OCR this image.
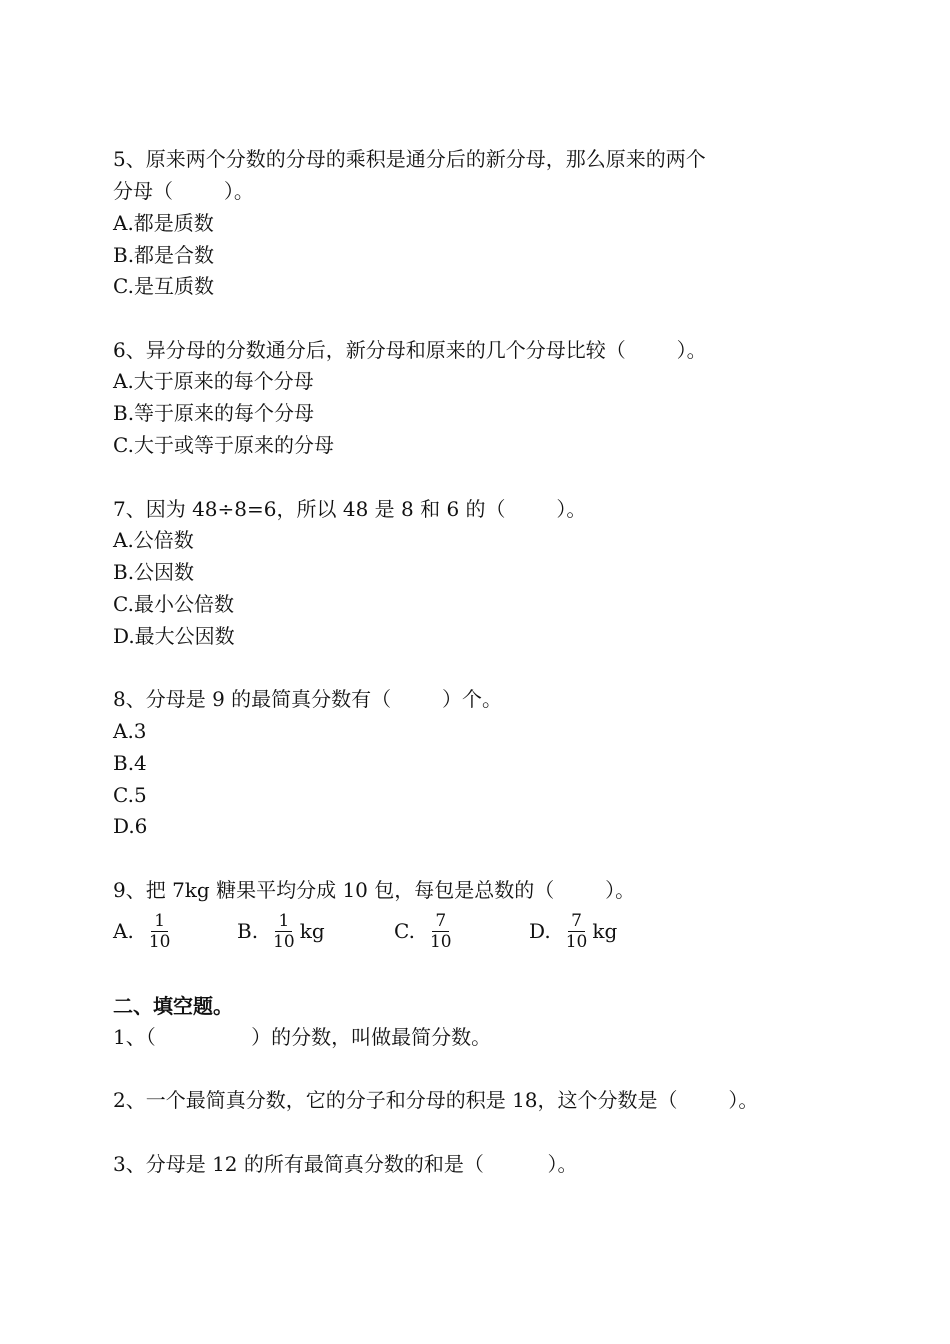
5、原来两个分数的分母的乘积是通分后的新分母，那么原来的两个
分母（        ）。
A.都是质数
B.都是合数
C.是互质数
6、异分母的分数通分后，新分母和原来的几个分母比较（        ）。
A.大于原来的每个分母
B.等于原来的每个分母
C.大于或等于原来的分母
7、因为 48÷8=6，所以 48 是 8 和 6 的（        ）。
A.公倍数
B.公因数
C.最小公倍数
D.最大公因数
8、分母是 9 的最简真分数有（        ）个。
A.3
B.4
C.5
D.6
9、把 7kg 糖果平均分成 10 包，每包是总数的（        ）。
A. $\frac{1}{10}$	B. $\frac{1}{10}$ kg	C. $\frac{7}{10}$	D. $\frac{7}{10}$ kg
二、填空题。
1、（               ）的分数，叫做最简分数。
2、一个最简真分数，它的分子和分母的积是 18，这个分数是（        ）。
3、分母是 12 的所有最简真分数的和是（          ）。
